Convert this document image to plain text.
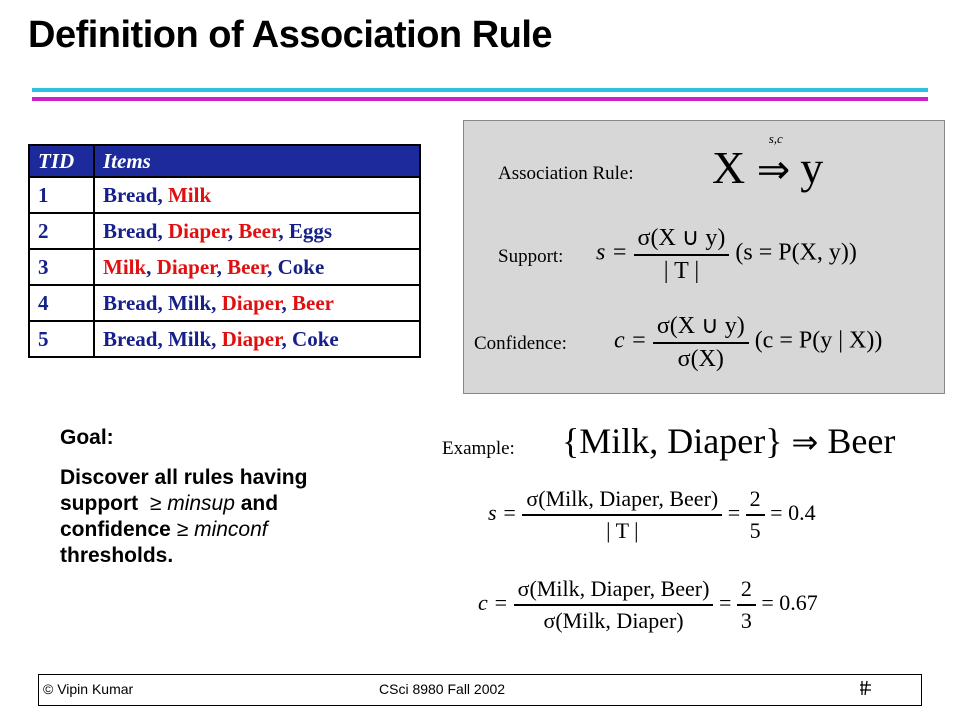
Definition of Association Rule
TID	Items
1	Bread, Milk
2	Bread, Diaper, Beer, Eggs
3	Milk, Diaper, Beer, Coke
4	Bread, Milk, Diaper, Beer
5	Bread, Milk, Diaper, Coke
Association Rule: X ⇒
s,c
y
Support: $s = \frac{\sigma(X \cup y)}{| T |} (s = P(X$, y))
Confidence: $c = \frac{\sigma(X \cup y)}{\sigma(X)} (c = P(y$ | X))
Goal:
Discover all rules having
support ≥ minsup and
confidence ≥ minconf
thresholds.
Example: {Milk, Diaper} ⇒ Beer
$s = \frac{\text{σ(Milk, Diaper, Beer)}}{| T |} = \frac{2}{5} = 0.4$
$c = \frac{\text{σ(Milk, Diaper, Beer)}}{\text{σ(Milk, Diaper)}} = \frac{2}{3} = 0.67$
© Vipin Kumar	CSci 8980 Fall 2002
